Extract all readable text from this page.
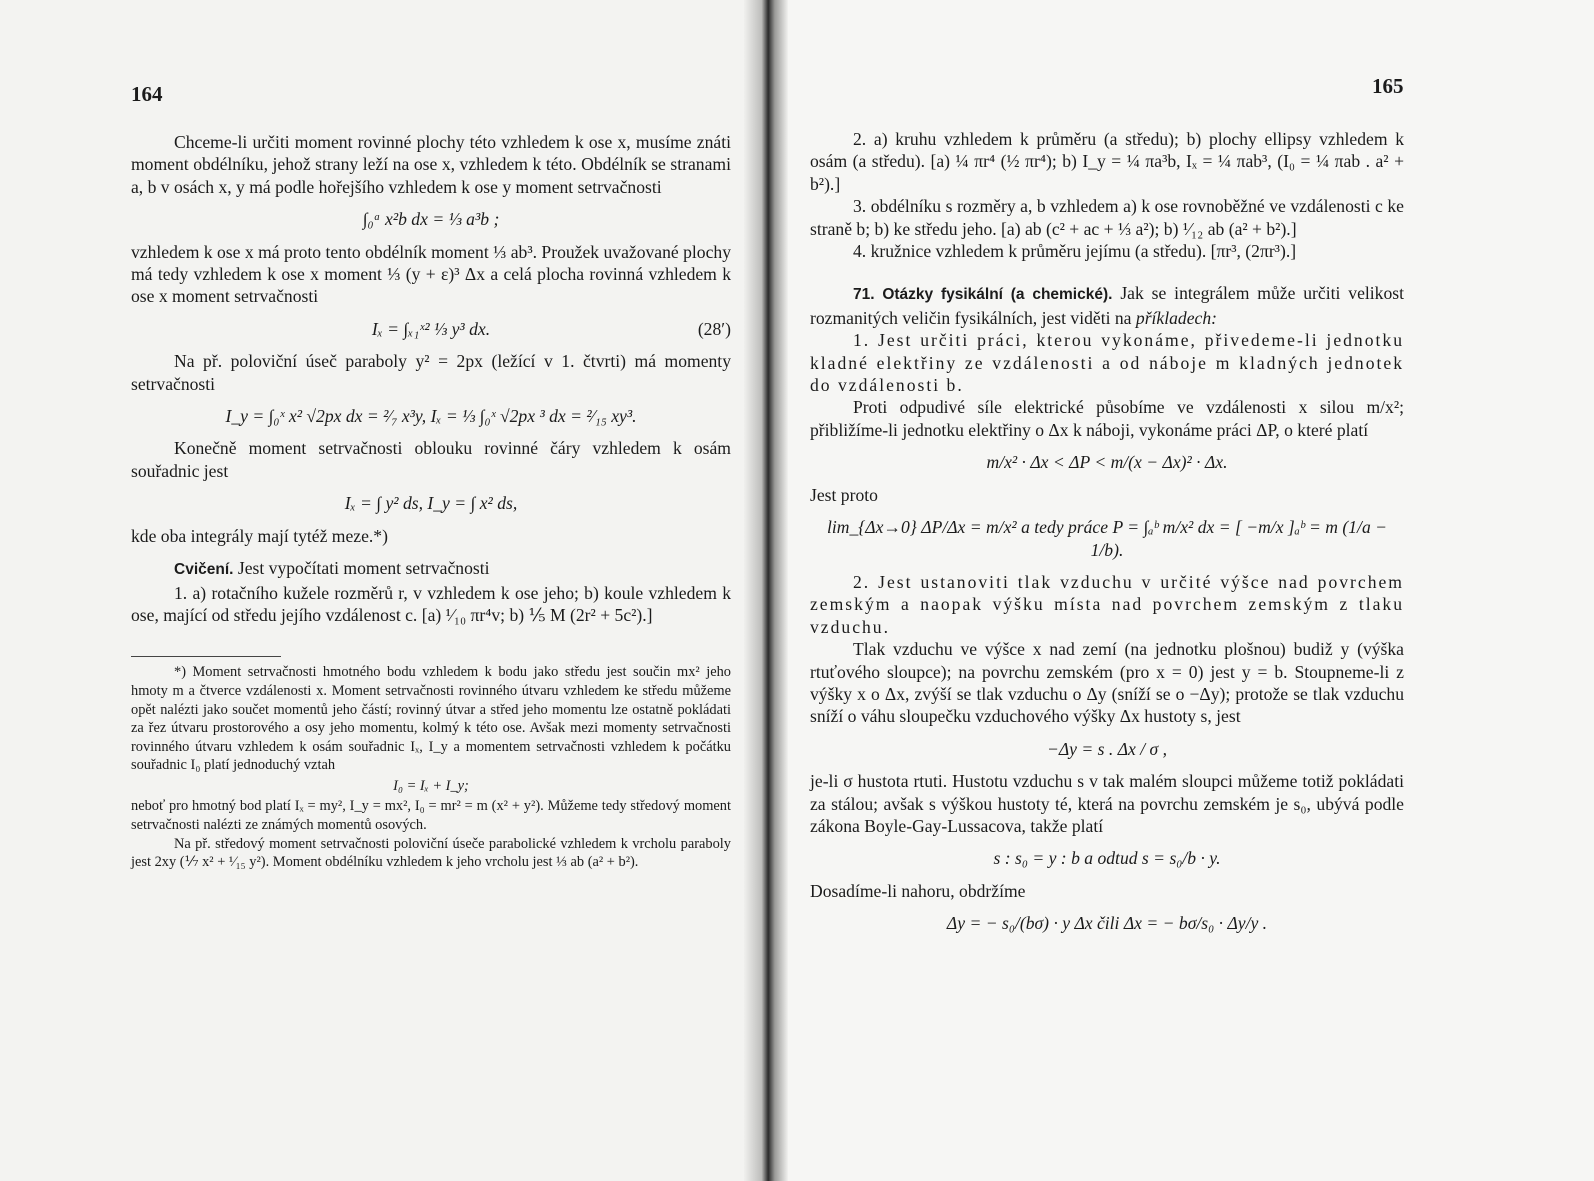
164

Chceme-li určiti moment rovinné plochy této vzhledem k ose x, musíme znáti moment obdélníku, jehož strany leží na ose x, vzhledem k této. Obdélník se stranami a, b v osách x, y má podle hořejšího vzhledem k ose y moment setrvačnosti

∫₀ᵃ x²b dx = ⅓ a³b ;

vzhledem k ose x má proto tento obdélník moment ⅓ ab³. Proužek uvažované plochy má tedy vzhledem k ose x moment ⅓ (y + ε)³ Δx a celá plocha rovinná vzhledem k ose x moment setrvačnosti

Iₓ = ∫ₓ₁ˣ² ⅓ y³ dx.	(28′)

Na př. poloviční úseč paraboly y² = 2px (ležící v 1. čtvrti) má momenty setrvačnosti

I_y = ∫₀ˣ x² √2px dx = ²⁄₇ x³y, Iₓ = ⅓ ∫₀ˣ √2px ³ dx = ²⁄₁₅ xy³.

Konečně moment setrvačnosti oblouku rovinné čáry vzhledem k osám souřadnic jest

Iₓ = ∫ y² ds, I_y = ∫ x² ds,

kde oba integrály mají tytéž meze.*)

Cvičení. Jest vypočítati moment setrvačnosti

1. a) rotačního kužele rozměrů r, v vzhledem k ose jeho; b) koule vzhledem k ose, mající od středu jejího vzdálenost c. [a) ¹⁄₁₀ πr⁴v; b) ⅕ M (2r² + 5c²).]

*) Moment setrvačnosti hmotného bodu vzhledem k bodu jako středu jest součin mx² jeho hmoty m a čtverce vzdálenosti x. Moment setrvačnosti rovinného útvaru vzhledem ke středu můžeme opět nalézti jako součet momentů jeho částí; rovinný útvar a střed jeho momentu lze ostatně pokládati za řez útvaru prostorového a osy jeho momentu, kolmý k této ose. Avšak mezi momenty setrvačnosti rovinného útvaru vzhledem k osám souřadnic Iₓ, I_y a momentem setrvačnosti vzhledem k počátku souřadnic I₀ platí jednoduchý vztah

I₀ = Iₓ + I_y;

neboť pro hmotný bod platí Iₓ = my², I_y = mx², I₀ = mr² = m (x² + y²). Můžeme tedy středový moment setrvačnosti nalézti ze známých momentů osových.

Na př. středový moment setrvačnosti poloviční úseče parabolické vzhledem k vrcholu paraboly jest 2xy (⅐ x² + ¹⁄₁₅ y²). Moment obdélníku vzhledem k jeho vrcholu jest ⅓ ab (a² + b²).

165

2. a) kruhu vzhledem k průměru (a středu); b) plochy ellipsy vzhledem k osám (a středu). [a) ¼ πr⁴ (½ πr⁴); b) I_y = ¼ πa³b, Iₓ = ¼ πab³, (I₀ = ¼ πab . a² + b²).]

3. obdélníku s rozměry a, b vzhledem a) k ose rovnoběžné ve vzdálenosti c ke straně b; b) ke středu jeho. [a) ab (c² + ac + ⅓ a²); b) ¹⁄₁₂ ab (a² + b²).]

4. kružnice vzhledem k průměru jejímu (a středu). [πr³, (2πr³).]

71. Otázky fysikální (a chemické). Jak se integrálem může určiti velikost rozmanitých veličin fysikálních, jest viděti na příkladech:

1. Jest určiti práci, kterou vykonáme, přivedeme-li jednotku kladné elektřiny ze vzdálenosti a od náboje m kladných jednotek do vzdálenosti b.

Proti odpudivé síle elektrické působíme ve vzdálenosti x silou m/x²; přibližíme-li jednotku elektřiny o Δx k náboji, vykonáme práci ΔP, o které platí

m/x² · Δx < ΔP < m/(x − Δx)² · Δx.

Jest proto

lim_{Δx→0} ΔP/Δx = m/x² a tedy práce P = ∫ₐᵇ m/x² dx = [ −m/x ]ₐᵇ = m (1/a − 1/b).

2. Jest ustanoviti tlak vzduchu v určité výšce nad povrchem zemským a naopak výšku místa nad povrchem zemským z tlaku vzduchu.

Tlak vzduchu ve výšce x nad zemí (na jednotku plošnou) budiž y (výška rtuťového sloupce); na povrchu zemském (pro x = 0) jest y = b. Stoupneme-li z výšky x o Δx, zvýší se tlak vzduchu o Δy (sníží se o −Δy); protože se tlak vzduchu sníží o váhu sloupečku vzduchového výšky Δx hustoty s, jest

−Δy = s . Δx / σ ,

je-li σ hustota rtuti. Hustotu vzduchu s v tak malém sloupci můžeme totiž pokládati za stálou; avšak s výškou hustoty té, která na povrchu zemském je s₀, ubývá podle zákona Boyle-Gay-Lussacova, takže platí

s : s₀ = y : b a odtud s = s₀/b · y.

Dosadíme-li nahoru, obdržíme

Δy = − s₀/(bσ) · y Δx čili Δx = − bσ/s₀ · Δy/y .
